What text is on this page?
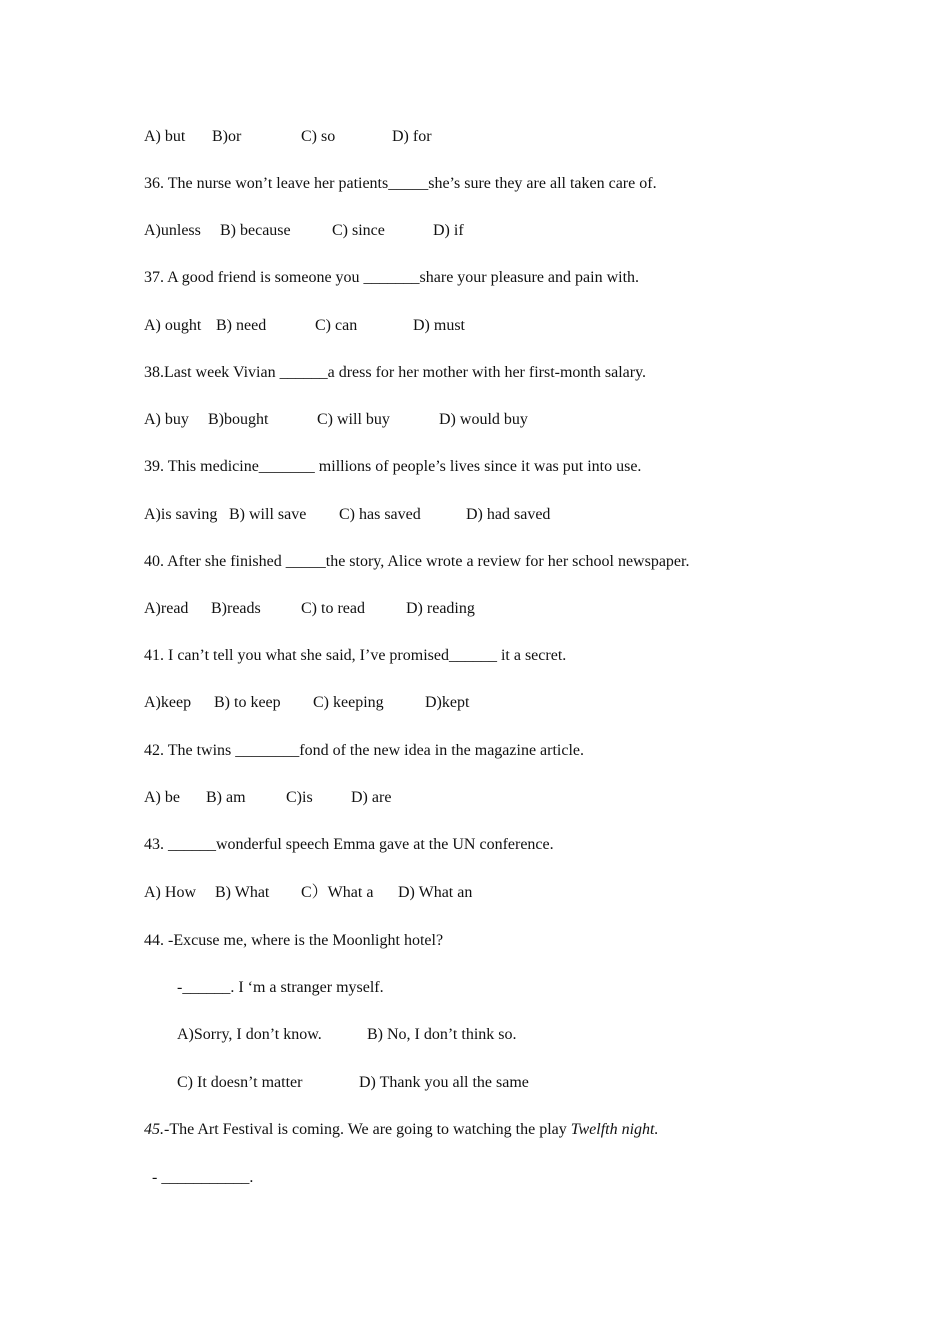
A) but B)or	C) so	D) for
36. The nurse won’t leave her patients_____she’s sure they are all taken care of.
A)unless B) because	C) since	D) if
37. A good friend is someone you _______share your pleasure and pain with.
A) ought B) need	C) can	D) must
38.Last week Vivian ______a dress for her mother with her first-month salary.
A) buy B)bought	C) will buy	D) would buy
39. This medicine_______ millions of people’s lives since it was put into use.
A)is saving B) will save C) has saved	D) had saved
40. After she finished _____the story, Alice wrote a review for her school newspaper.
A)read B)reads	C) to read	D) reading
41. I can’t tell you what she said, I’ve promised______ it a secret.
A)keep B) to keep C) keeping	D)kept
42. The twins ________fond of the new idea in the magazine article.
A) be B) am	C)is D) are
43. ______wonderful speech Emma gave at the UN conference.
A) How B) What C）What a D) What an
44. -Excuse me, where is the Moonlight hotel?
-______. I ‘m a stranger myself.
A)Sorry, I don’t know.	B) No, I don’t think so.
C) It doesn’t matter	D) Thank you all the same
45.-The Art Festival is coming. We are going to watching the play Twelfth night.
- ___________.
